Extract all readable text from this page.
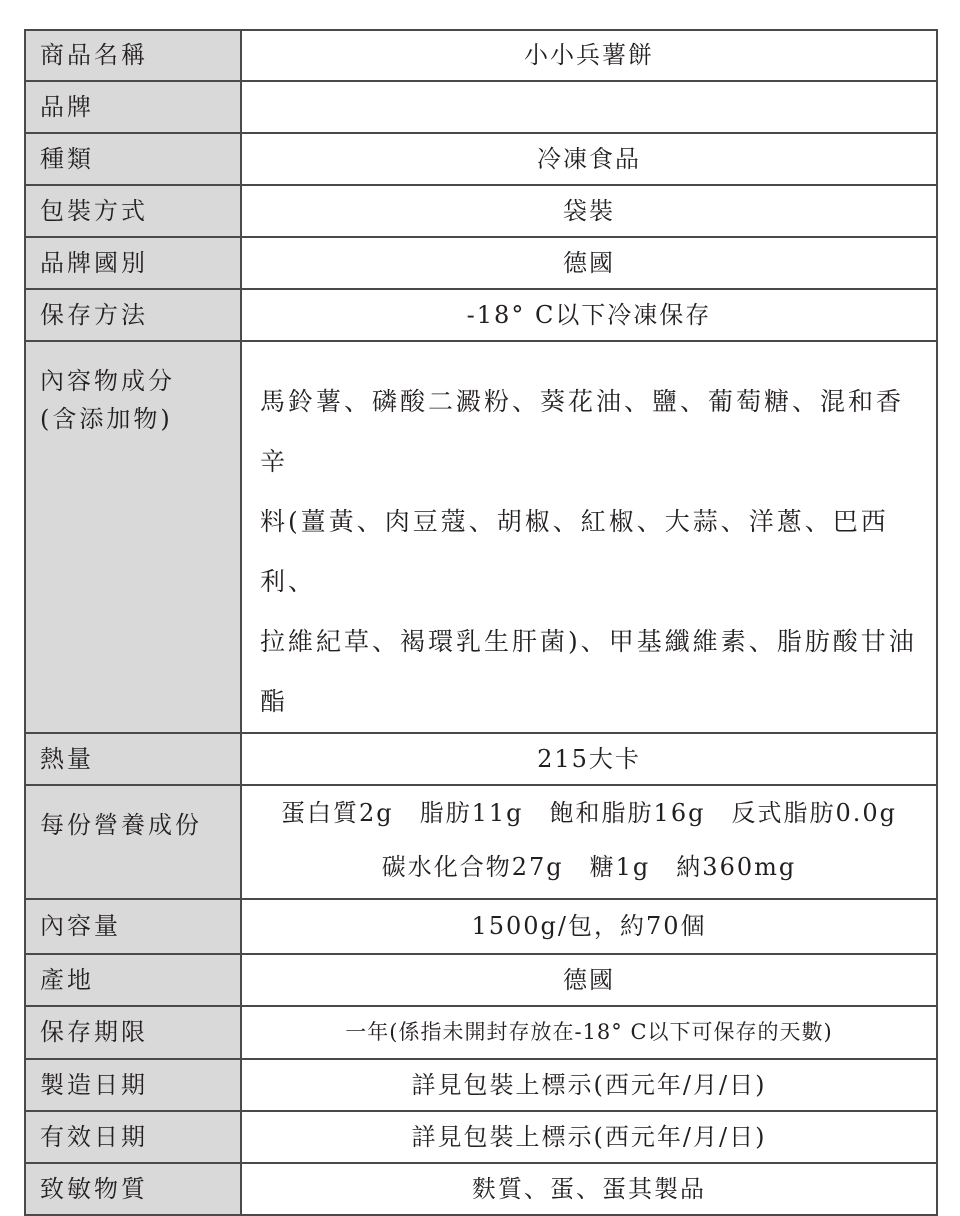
商品名稱	小小兵薯餅
品牌	
種類	冷凍食品
包裝方式	袋裝
品牌國別	德國
保存方法	-18° C以下冷凍保存

內容物成分
(含添加物)	馬鈴薯、磷酸二澱粉、葵花油、鹽、葡萄糖、混和香辛
料(薑黃、肉豆蔻、胡椒、紅椒、大蒜、洋蔥、巴西利、
拉維紀草、褐環乳生肝菌)、甲基纖維素、脂肪酸甘油酯

熱量	215大卡
每份營養成份	蛋白質2g　脂肪11g　飽和脂肪16g　反式脂肪0.0g
碳水化合物27g　糖1g　納360mg

內容量	1500g/包，約70個
產地	德國
保存期限	一年(係指未開封存放在-18° C以下可保存的天數)
製造日期	詳見包裝上標示(西元年/月/日)
有效日期	詳見包裝上標示(西元年/月/日)
致敏物質	麩質、蛋、蛋其製品
